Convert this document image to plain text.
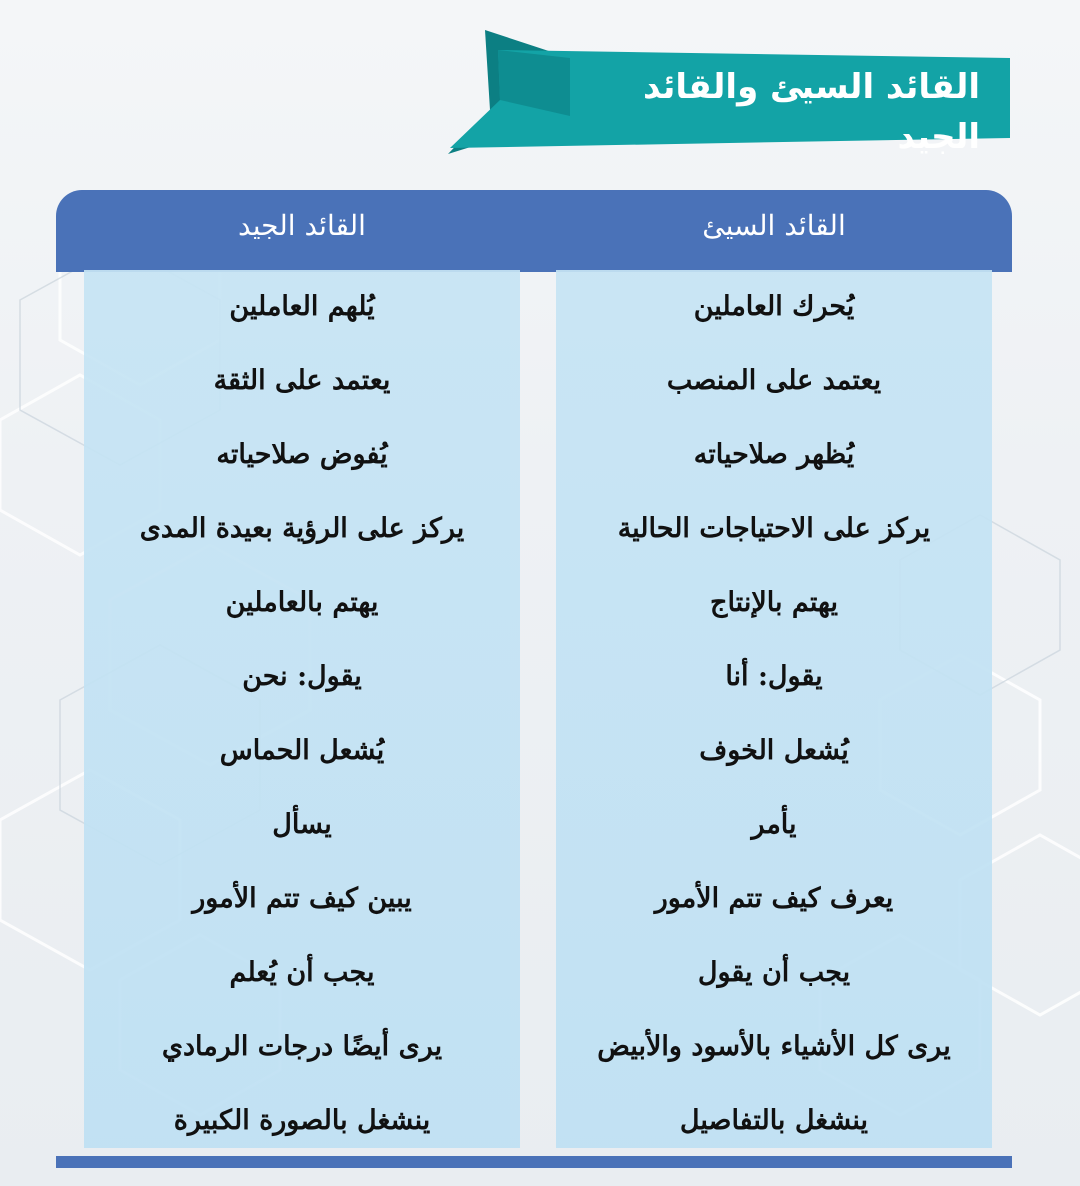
القائد السيئ والقائد الجيد
القائد السيئ
القائد الجيد
يُحرك العاملين
يعتمد على المنصب
يُظهر صلاحياته
يركز على الاحتياجات الحالية
يهتم بالإنتاج
يقول: أنا
يُشعل الخوف
يأمر
يعرف كيف تتم الأمور
يجب أن يقول
يرى كل الأشياء بالأسود والأبيض
ينشغل بالتفاصيل
يُلهم العاملين
يعتمد على الثقة
يُفوض صلاحياته
يركز على الرؤية بعيدة المدى
يهتم بالعاملين
يقول: نحن
يُشعل الحماس
يسأل
يبين كيف تتم الأمور
يجب أن يُعلم
يرى أيضًا درجات الرمادي
ينشغل بالصورة الكبيرة
